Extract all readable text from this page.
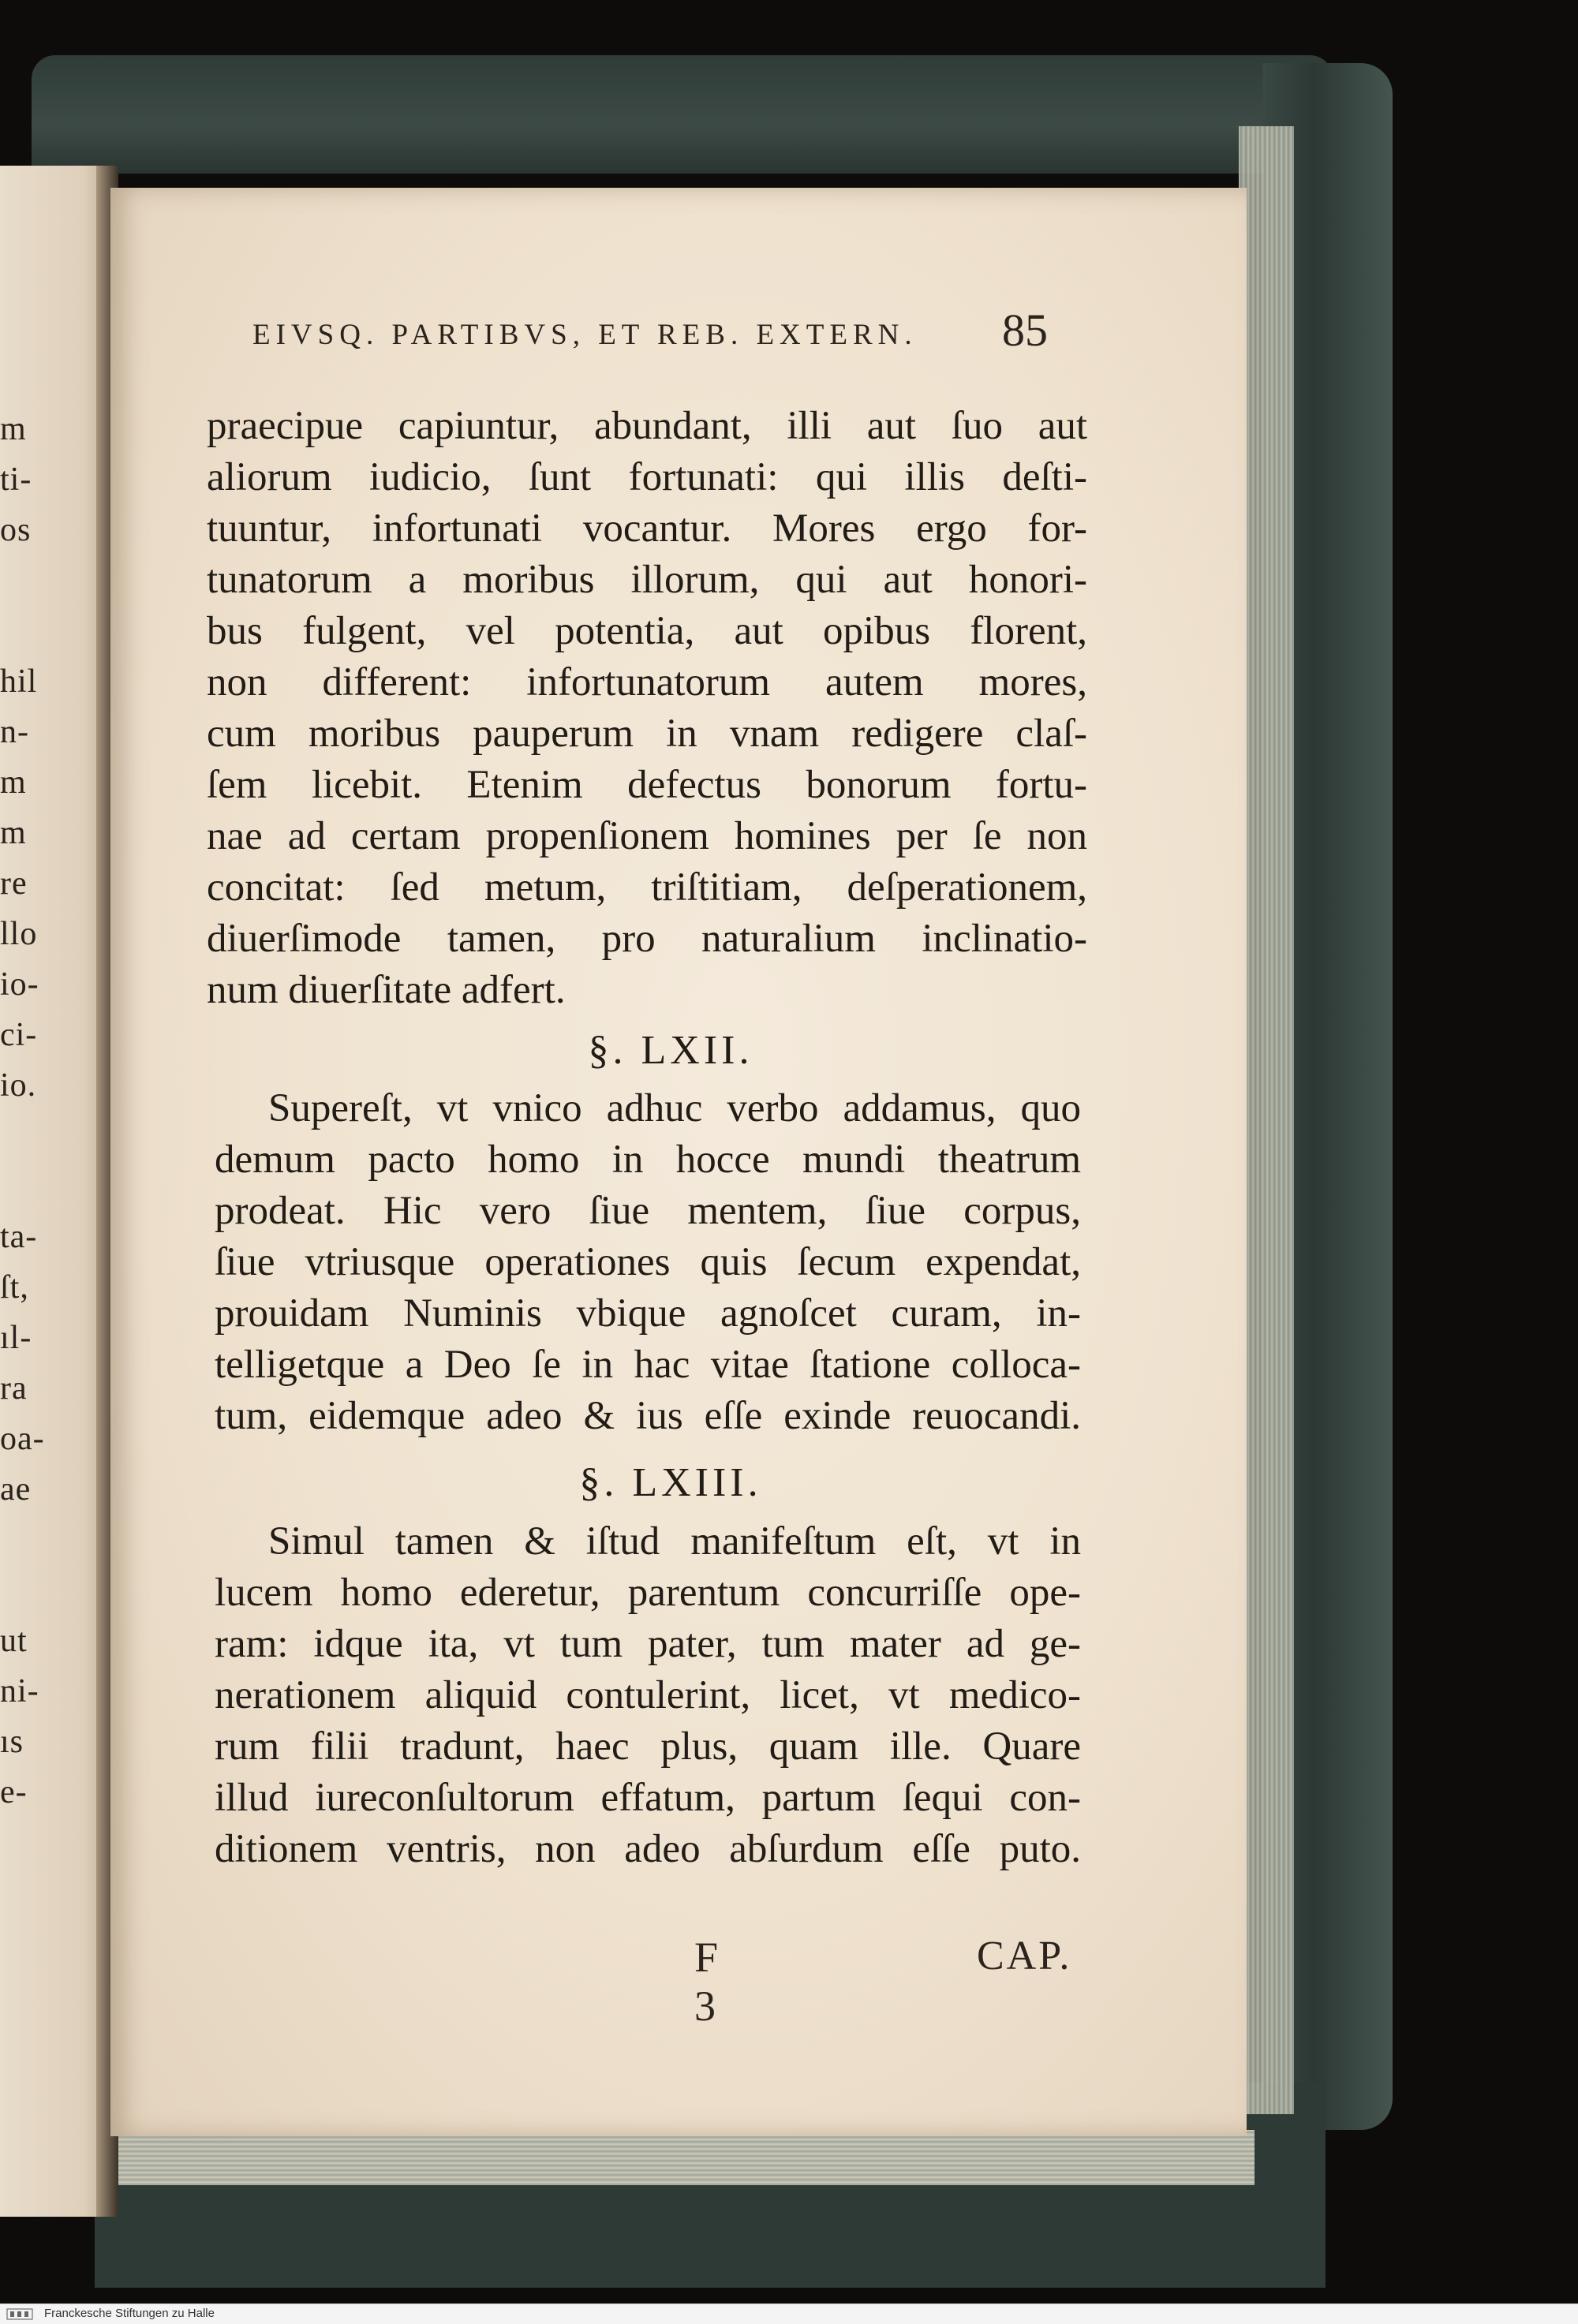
m
ti-
os
hil
n-
m
m
re
llo
io-
ci-
io.
ta-
ſt,
ıl-
ra
oa-
ae
ut
ni-
ıs
e-
EIVSQ. PARTIBVS, ET REB. EXTERN.	85
praecipue capiuntur, abundant, illi aut ſuo aut
aliorum iudicio, ſunt fortunati: qui illis deſti-
tuuntur, infortunati vocantur. Mores ergo for-
tunatorum a moribus illorum, qui aut honori-
bus fulgent, vel potentia, aut opibus florent,
non different: infortunatorum autem mores,
cum moribus pauperum in vnam redigere claſ-
ſem licebit. Etenim defectus bonorum fortu-
nae ad certam propenſionem homines per ſe non
concitat: ſed metum, triſtitiam, deſperationem,
diuerſimode tamen, pro naturalium inclinatio-
num diuerſitate adfert.
§. LXII.
Supereſt, vt vnico adhuc verbo addamus, quo
demum pacto homo in hocce mundi theatrum
prodeat. Hic vero ſiue mentem, ſiue corpus,
ſiue vtriusque operationes quis ſecum expendat,
prouidam Numinis vbique agnoſcet curam, in-
telligetque a Deo ſe in hac vitae ſtatione colloca-
tum, eidemque adeo & ius eſſe exinde reuocandi.
§. LXIII.
Simul tamen & iſtud manifeſtum eſt, vt in
lucem homo ederetur, parentum concurriſſe ope-
ram: idque ita, vt tum pater, tum mater ad ge-
nerationem aliquid contulerint, licet, vt medico-
rum filii tradunt, haec plus, quam ille. Quare
illud iureconſultorum effatum, partum ſequi con-
ditionem ventris, non adeo abſurdum eſſe puto.
F 3
CAP.
Franckesche Stiftungen zu Halle
